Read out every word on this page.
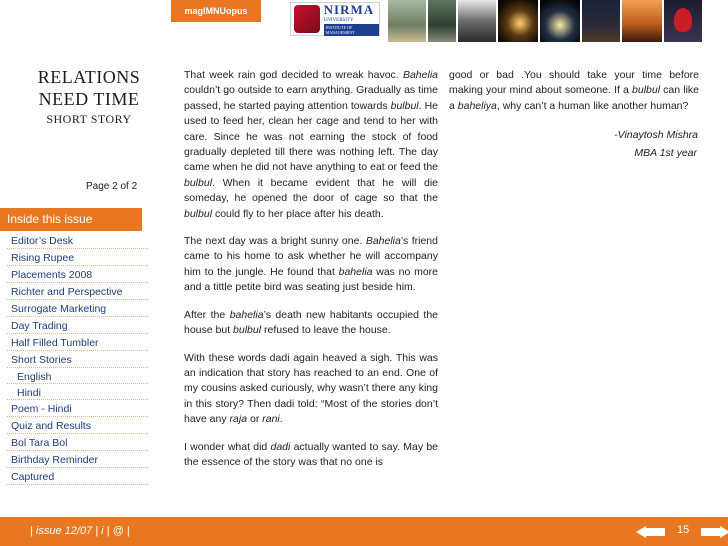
magIMNUopus	NIRMA
UNIVERSITY
INSTITUTE OF MANAGEMENT
RELATIONS
NEED TIME
SHORT STORY
Page 2 of 2
Inside this issue
Editor’s Desk
Rising Rupee
Placements 2008
Richter and Perspective
Surrogate Marketing
Day Trading
Half Filled Tumbler
Short Stories
English
Hindi
Poem - Hindi
Quiz and Results
Bol Tara Bol
Birthday Reminder
Captured

That week rain god decided to wreak havoc. Bahelia couldn’t go outside to earn anything. Gradually as time passed, he started paying attention towards bulbul. He used to feed her, clean her cage and tend to her with care. Since he was not earning the stock of food gradually depleted till there was nothing left. The day came when he did not have anything to eat or feed the bulbul. When it became evident that he will die someday, he opened the door of cage so that the bulbul could fly to her place after his death.

The next day was a bright sunny one. Bahelia’s friend came to his home to ask whether he will accompany him to the jungle. He found that bahelia was no more and a tittle petite bird was seating just beside him.

After the bahelia’s death new habitants occupied the house but bulbul refused to leave the house.

With these words dadi again heaved a sigh. This was an indication that story has reached to an end. One of my cousins asked curiously, why wasn’t there any king in this story? Then dadi told: “Most of the stories don’t have any raja or rani.

I wonder what did dadi actually wanted to say. May be the essence of the story was that no one is

good or bad .You should take your time before making your mind about someone. If a bulbul can like a baheliya, why can’t a human like another human?

-Vinaytosh Mishra
MBA 1st year
| issue 12/07 | i | @ |	15
